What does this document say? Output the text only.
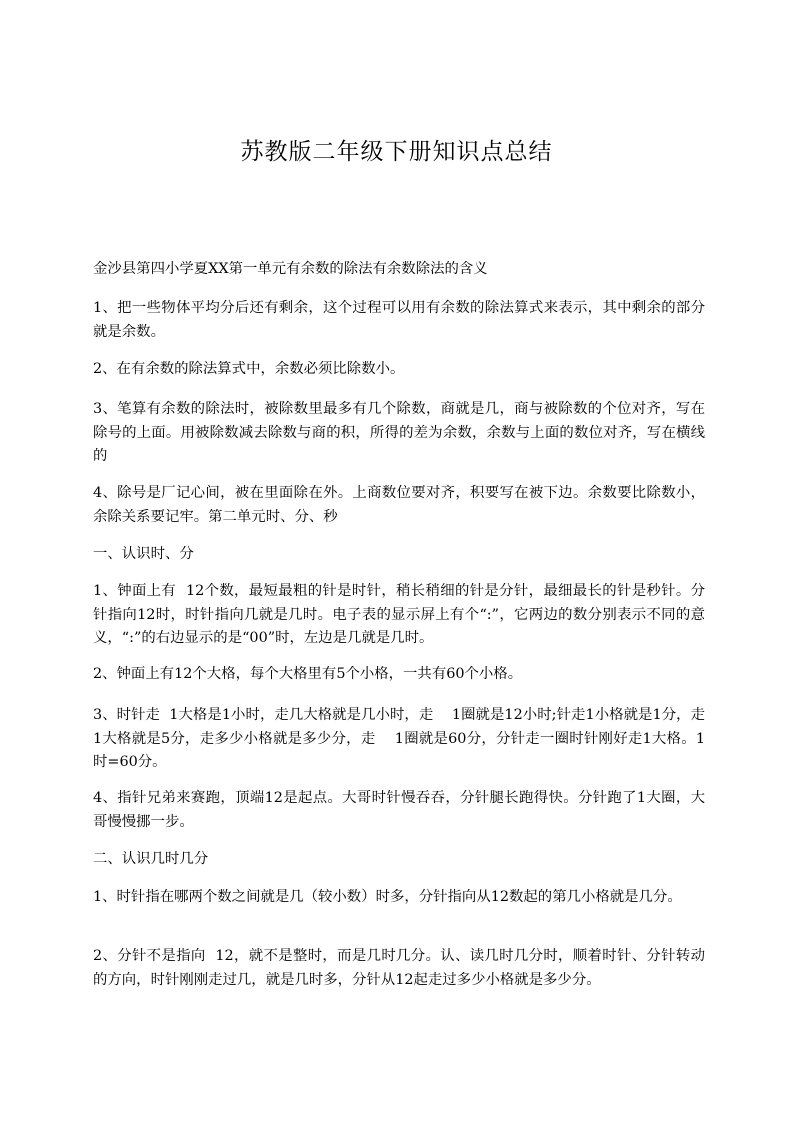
苏教版二年级下册知识点总结

金沙县第四小学夏XX第一单元有余数的除法有余数除法的含义

1、把一些物体平均分后还有剩余，这个过程可以用有余数的除法算式来表示，其中剩余的部分就是余数。

2、在有余数的除法算式中，余数必须比除数小。

3、笔算有余数的除法时，被除数里最多有几个除数，商就是几，商与被除数的个位对齐，写在除号的上面。用被除数减去除数与商的积，所得的差为余数，余数与上面的数位对齐，写在横线的

4、除号是厂记心间，被在里面除在外。上商数位要对齐，积要写在被下边。余数要比除数小，余除关系要记牢。第二单元时、分、秒

一、认识时、分

1、钟面上有  12个数，最短最粗的针是时针，稍长稍细的针是分针，最细最长的针是秒针。分针指向12时，时针指向几就是几时。电子表的显示屏上有个“:”，它两边的数分别表示不同的意义，“:”的右边显示的是“00”时，左边是几就是几时。

2、钟面上有12个大格，每个大格里有5个小格，一共有60个小格。

3、时针走  1大格是1小时，走几大格就是几小时，走    1圈就是12小时;针走1小格就是1分，走  1大格就是5分，走多少小格就是多少分，走    1圈就是60分，分针走一圈时针刚好走1大格。1时=60分。

4、指针兄弟来赛跑，顶端12是起点。大哥时针慢吞吞，分针腿长跑得快。分针跑了1大圈，大哥慢慢挪一步。

二、认识几时几分

1、时针指在哪两个数之间就是几（较小数）时多，分针指向从12数起的第几小格就是几分。

2、分针不是指向  12，就不是整时，而是几时几分。认、读几时几分时，顺着时针、分针转动的方向，时针刚刚走过几，就是几时多，分针从12起走过多少小格就是多少分。
